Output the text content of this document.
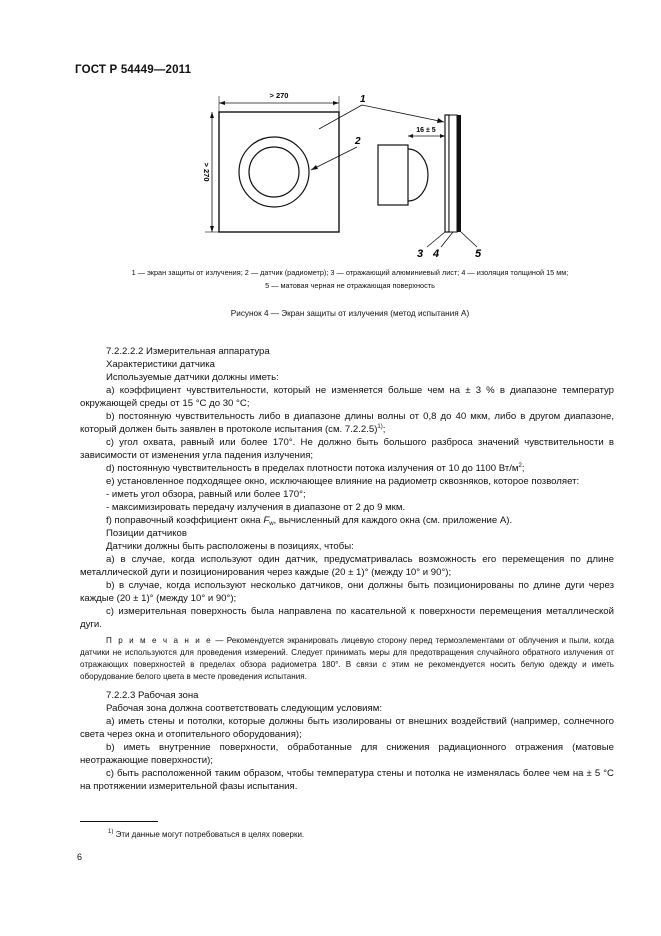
ГОСТ Р 54449—2011
> 270
> 270
16 ± 5
1
2
3 4	5
1 — экран защиты от излучения; 2 — датчик (радиометр); 3 — отражающий алюминиевый лист; 4 — изоляция толщиной 15 мм;
5 — матовая черная не отражающая поверхность
Рисунок 4 — Экран защиты от излучения (метод испытания А)

7.2.2.2.2 Измерительная аппаратура

Характеристики датчика

Используемые датчики должны иметь:

а) коэффициент чувствительности, который не изменяется больше чем на ± 3 % в диапазоне температур окружающей среды от 15 °С до 30 °С;

b) постоянную чувствительность либо в диапазоне длины волны от 0,8 до 40 мкм, либо в другом диапазоне, который должен быть заявлен в протоколе испытания (см. 7.2.2.5)$^{1)}$;

c) угол охвата, равный или более 170°. Не должно быть большого разброса значений чувствительности в зависимости от изменения угла падения излучения;

d) постоянную чувствительность в пределах плотности потока излучения от 10 до 1100 $Вт/м^2$;

е) установленное подходящее окно, исключающее влияние на радиометр сквозняков, которое позволяет:

- иметь угол обзора, равный или более 170°;

- максимизировать передачу излучения в диапазоне от 2 до 9 мкм.

f) поправочный коэффициент окна $F_w$, вычисленный для каждого окна (см. приложение А).

Позиции датчиков

Датчики должны быть расположены в позициях, чтобы:

а) в случае, когда используют один датчик, предусматривалась возможность его перемещения по длине металлической дуги и позиционирования через каждые (20 ± 1)° (между 10° и 90°);

b) в случае, когда используют несколько датчиков, они должны быть позиционированы по длине дуги через каждые (20 ± 1)° (между 10° и 90°);

c) измерительная поверхность была направлена по касательной к поверхности перемещения металлической дуги.

П р и м е ч а н и е — Рекомендуется экранировать лицевую сторону перед термоэлементами от облучения и пыли, когда датчики не используются для проведения измерений. Следует принимать меры для предотвращения случайного обратного излучения от отражающих поверхностей в пределах обзора радиометра 180°. В связи с этим не рекомендуется носить белую одежду и иметь оборудование белого цвета в месте проведения испытания.

7.2.2.3 Рабочая зона

Рабочая зона должна соответствовать следующим условиям:

а) иметь стены и потолки, которые должны быть изолированы от внешних воздействий (например, солнечного света через окна и отопительного оборудования);

b) иметь внутренние поверхности, обработанные для снижения радиационного отражения (матовые неотражающие поверхности);

c) быть расположенной таким образом, чтобы температура стены и потолка не изменялась более чем на ± 5 °С на протяжении измерительной фазы испытания.

$^{1)}$ Эти данные могут потребоваться в целях поверки.
6
